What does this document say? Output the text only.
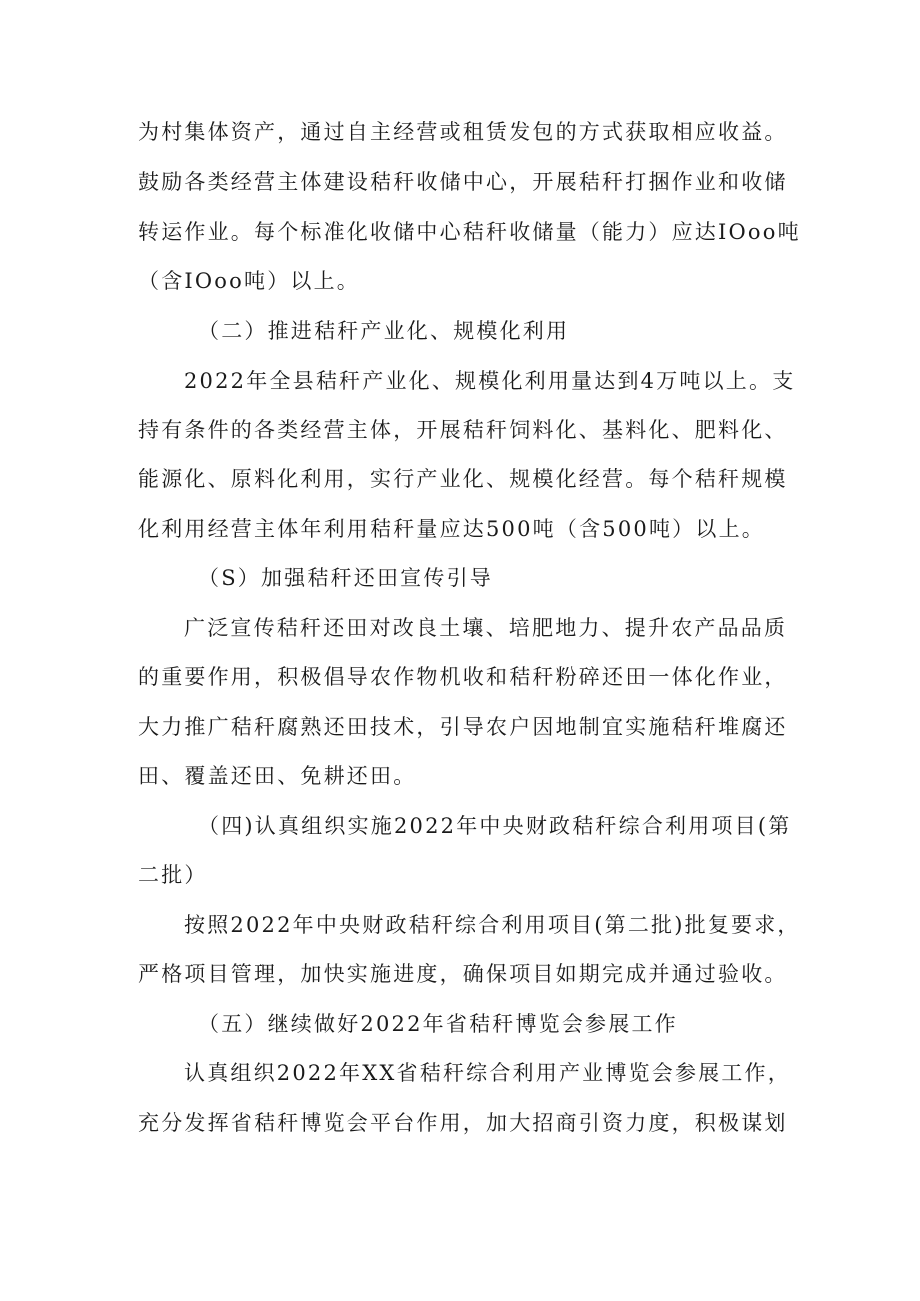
为村集体资产，通过自主经营或租赁发包的方式获取相应收益。
鼓励各类经营主体建设秸秆收储中心，开展秸秆打捆作业和收储
转运作业。每个标准化收储中心秸秆收储量（能力）应达IOoo吨
（含IOoo吨）以上。
（二）推进秸秆产业化、规模化利用
2022年全县秸秆产业化、规模化利用量达到4万吨以上。支
持有条件的各类经营主体，开展秸秆饲料化、基料化、肥料化、
能源化、原料化利用，实行产业化、规模化经营。每个秸秆规模
化利用经营主体年利用秸秆量应达500吨（含500吨）以上。
（S）加强秸秆还田宣传引导
广泛宣传秸秆还田对改良土壤、培肥地力、提升农产品品质
的重要作用，积极倡导农作物机收和秸秆粉碎还田一体化作业，
大力推广秸秆腐熟还田技术，引导农户因地制宜实施秸秆堆腐还
田、覆盖还田、免耕还田。
（四)认真组织实施2022年中央财政秸秆综合利用项目(第
二批）
按照2022年中央财政秸秆综合利用项目(第二批)批复要求，
严格项目管理，加快实施进度，确保项目如期完成并通过验收。
（五）继续做好2022年省秸秆博览会参展工作
认真组织2022年XX省秸秆综合利用产业博览会参展工作，
充分发挥省秸秆博览会平台作用，加大招商引资力度，积极谋划
